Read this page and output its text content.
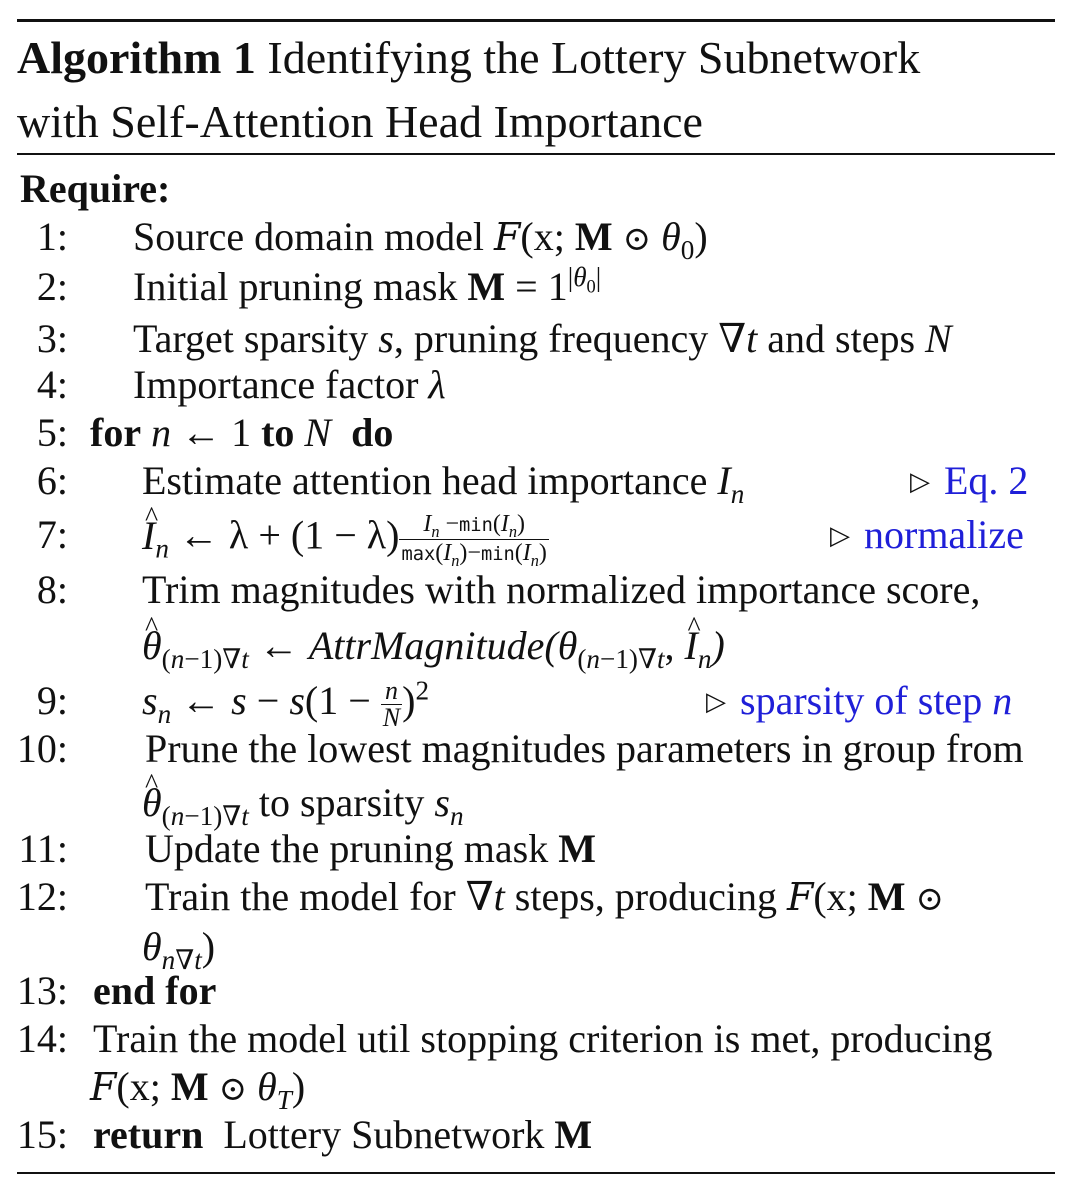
Algorithm 1 Identifying the Lottery Subnetwork
with Self-Attention Head Importance
Require:
1: Source domain model F(x; M ⊙ $\theta_0$)
2: Initial pruning mask $M = 1^{|\theta_0|}$
3: Target sparsity s, pruning frequency ∇t and steps N
4: Importance factor λ
5: for n ← 1 to N do
6: Estimate attention head importance $I_n$	▷ Eq. 2
7:
^ $I_n$ ← $\lambda + (1 - \lambda) \frac{I_n -\min(I_n)}{\max(I_n)-\min(I_n)}$	▷ normalize
8: Trim magnitudes with normalized importance score,
^ $\theta_{(n-1)\nabla t}$ ← $AttrMagnitude(\theta_{(n-1)\nabla t}$, ^ $I_n$)
9: $s_n$ ← $s - s(1 - \frac{n}{N} )^2$	▷ sparsity of step n
10: Prune the lowest magnitudes parameters in group from
^ $\theta_{(n-1)\nabla t}$ to sparsity $s_n$
11: Update the pruning mask M
12: Train the model for ∇t steps, producing F(x; M ⊙
$\theta_{n\nabla t}$)
13: end for
14: Train the model util stopping criterion is met, producing
F(x; M ⊙ $\theta_T$)
15: return Lottery Subnetwork M
